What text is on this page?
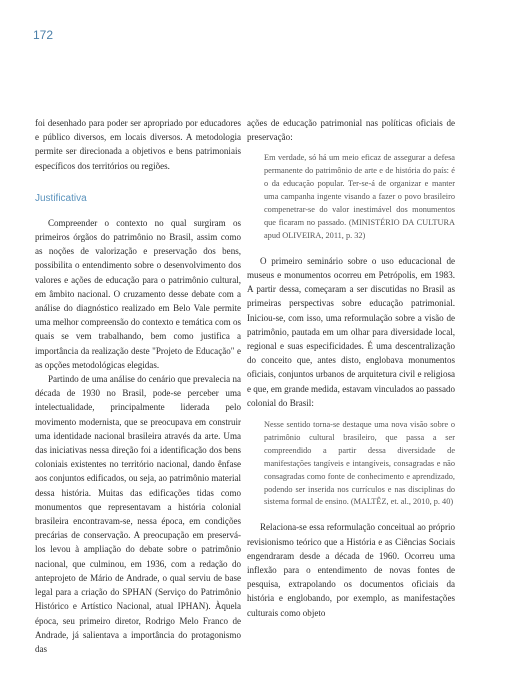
172

foi desenhado para poder ser apropriado por educadores e público diversos, em locais diversos. A metodologia permite ser direcionada a objetivos e bens patrimoniais específicos dos territórios ou regiões.

Justificativa

Compreender o contexto no qual surgiram os primeiros órgãos do patrimônio no Brasil, assim como as noções de valorização e preservação dos bens, possibilita o entendimento sobre o desenvolvimento dos valores e ações de educação para o patrimônio cultural, em âmbito nacional. O cruzamento desse debate com a análise do diagnóstico realizado em Belo Vale permite uma melhor compreensão do contexto e temática com os quais se vem trabalhando, bem como justifica a importância da realização deste "Projeto de Educação" e as opções metodológicas elegidas.

Partindo de uma análise do cenário que prevalecia na década de 1930 no Brasil, pode-se perceber uma intelectualidade, principalmente liderada pelo movimento modernista, que se preocupava em construir uma identidade nacional brasileira através da arte. Uma das iniciativas nessa direção foi a identificação dos bens coloniais existentes no território nacional, dando ênfase aos conjuntos edificados, ou seja, ao patrimônio material dessa história. Muitas das edificações tidas como monumentos que representavam a história colonial brasileira encontravam-se, nessa época, em condições precárias de conservação. A preocupação em preservá-los levou à ampliação do debate sobre o patrimônio nacional, que culminou, em 1936, com a redação do anteprojeto de Mário de Andrade, o qual serviu de base legal para a criação do SPHAN (Serviço do Patrimônio Histórico e Artístico Nacional, atual IPHAN). Àquela época, seu primeiro diretor, Rodrigo Melo Franco de Andrade, já salientava a importância do protagonismo das

ações de educação patrimonial nas políticas oficiais de preservação:

Em verdade, só há um meio eficaz de assegurar a defesa permanente do patrimônio de arte e de história do país: é o da educação popular. Ter-se-á de organizar e manter uma campanha ingente visando a fazer o povo brasileiro compenetrar-se do valor inestimável dos monumentos que ficaram no passado. (MINISTÉRIO DA CULTURA apud OLIVEIRA, 2011, p. 32)

O primeiro seminário sobre o uso educacional de museus e monumentos ocorreu em Petrópolis, em 1983. A partir dessa, começaram a ser discutidas no Brasil as primeiras perspectivas sobre educação patrimonial. Iniciou-se, com isso, uma reformulação sobre a visão de patrimônio, pautada em um olhar para diversidade local, regional e suas especificidades. É uma descentralização do conceito que, antes disto, englobava monumentos oficiais, conjuntos urbanos de arquitetura civil e religiosa e que, em grande medida, estavam vinculados ao passado colonial do Brasil:

Nesse sentido torna-se destaque uma nova visão sobre o patrimônio cultural brasileiro, que passa a ser compreendido a partir dessa diversidade de manifestações tangíveis e intangíveis, consagradas e não consagradas como fonte de conhecimento e aprendizado, podendo ser inserida nos currículos e nas disciplinas do sistema formal de ensino. (MALTÊZ, et. al., 2010, p. 40)

Relaciona-se essa reformulação conceitual ao próprio revisionismo teórico que a História e as Ciências Sociais engendraram desde a década de 1960. Ocorreu uma inflexão para o entendimento de novas fontes de pesquisa, extrapolando os documentos oficiais da história e englobando, por exemplo, as manifestações culturais como objeto
